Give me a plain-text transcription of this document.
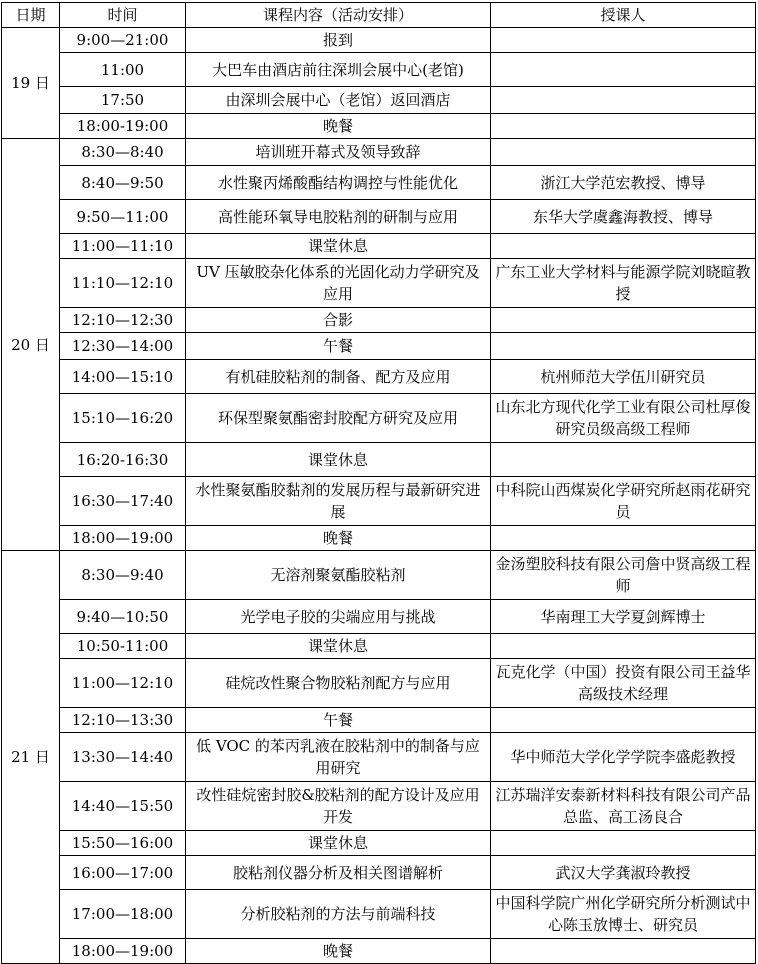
日期	时间	课程内容（活动安排）	授课人
19 日	9:00—21:00	报到	
	11:00	大巴车由酒店前往深圳会展中心(老馆)	
	17:50	由深圳会展中心（老馆）返回酒店	
	18:00-19:00	晚餐	
20 日	8:30—8:40	培训班开幕式及领导致辞	
	8:40—9:50	水性聚丙烯酸酯结构调控与性能优化	浙江大学范宏教授、博导
	9:50—11:00	高性能环氧导电胶粘剂的研制与应用	东华大学虞鑫海教授、博导
	11:00—11:10	课堂休息	
	11:10—12:10	UV 压敏胶杂化体系的光固化动力学研究及应用	广东工业大学材料与能源学院刘晓暄教授
	12:10—12:30	合影	
	12:30—14:00	午餐	
	14:00—15:10	有机硅胶粘剂的制备、配方及应用	杭州师范大学伍川研究员
	15:10—16:20	环保型聚氨酯密封胶配方研究及应用	山东北方现代化学工业有限公司杜厚俊研究员级高级工程师
	16:20-16:30	课堂休息	
	16:30—17:40	水性聚氨酯胶黏剂的发展历程与最新研究进展	中科院山西煤炭化学研究所赵雨花研究员
	18:00—19:00	晚餐	
21 日	8:30—9:40	无溶剂聚氨酯胶粘剂	金汤塑胶科技有限公司詹中贤高级工程师
	9:40—10:50	光学电子胶的尖端应用与挑战	华南理工大学夏剑辉博士
	10:50-11:00	课堂休息	
	11:00—12:10	硅烷改性聚合物胶粘剂配方与应用	瓦克化学（中国）投资有限公司王益华高级技术经理
	12:10—13:30	午餐	
	13:30—14:40	低 VOC 的苯丙乳液在胶粘剂中的制备与应用研究	华中师范大学化学学院李盛彪教授
	14:40—15:50	改性硅烷密封胶&胶粘剂的配方设计及应用开发	江苏瑞洋安泰新材料科技有限公司产品总监、高工汤良合
	15:50—16:00	课堂休息	
	16:00—17:00	胶粘剂仪器分析及相关图谱解析	武汉大学龚淑玲教授
	17:00—18:00	分析胶粘剂的方法与前端科技	中国科学院广州化学研究所分析测试中心陈玉放博士、研究员
	18:00—19:00	晚餐	
